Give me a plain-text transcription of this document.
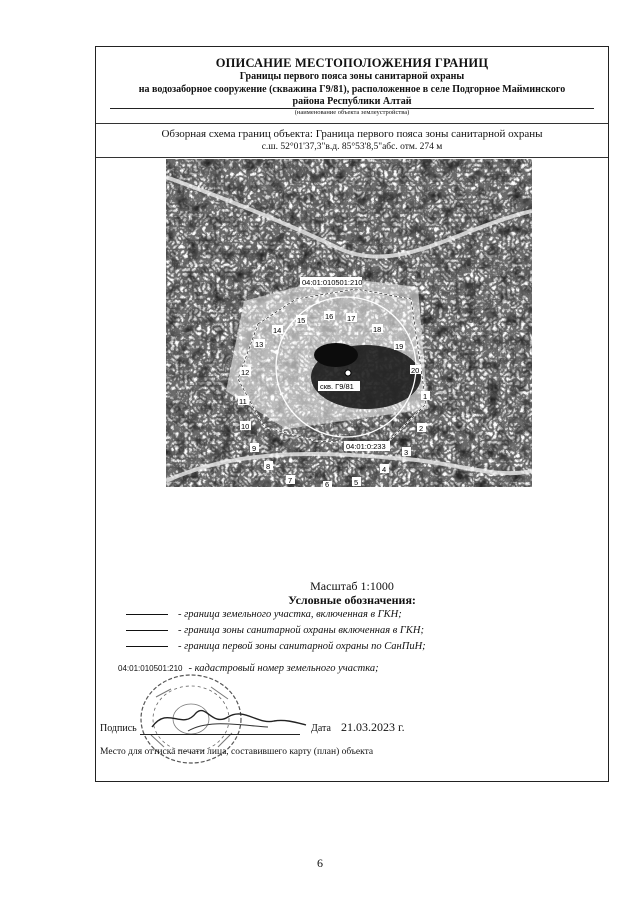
ОПИСАНИЕ МЕСТОПОЛОЖЕНИЯ ГРАНИЦ
Границы первого пояса зоны санитарной охраны
на водозаборное сооружение (скважина Г9/81), расположенное в селе Подгорное Майминского
района Республики Алтай
(наименование объекта землеустройства)
Обзорная схема границ объекта: Граница первого пояса зоны санитарной охраны
с.ш. 52°01'37,3"в.д. 85°53'8,5"абс. отм. 274 м
04:01:010501:210
04:01:0:233
скв. Г9/81
1
2
3
4
5
6
7
8
9
10
11
12
13
14
15	16 17
18
19
20
Масштаб 1:1000
Условные обозначения:
- граница земельного участка, включенная в ГКН;
- граница зоны санитарной охраны включенная в ГКН;
- граница первой зоны санитарной охраны по СанПиН;
04:01:010501:210 - кадастровый номер земельного участка;
Подпись	Дата 21.03.2023 г.
Место для оттиска печати лица, составившего карту (план) объекта
6
